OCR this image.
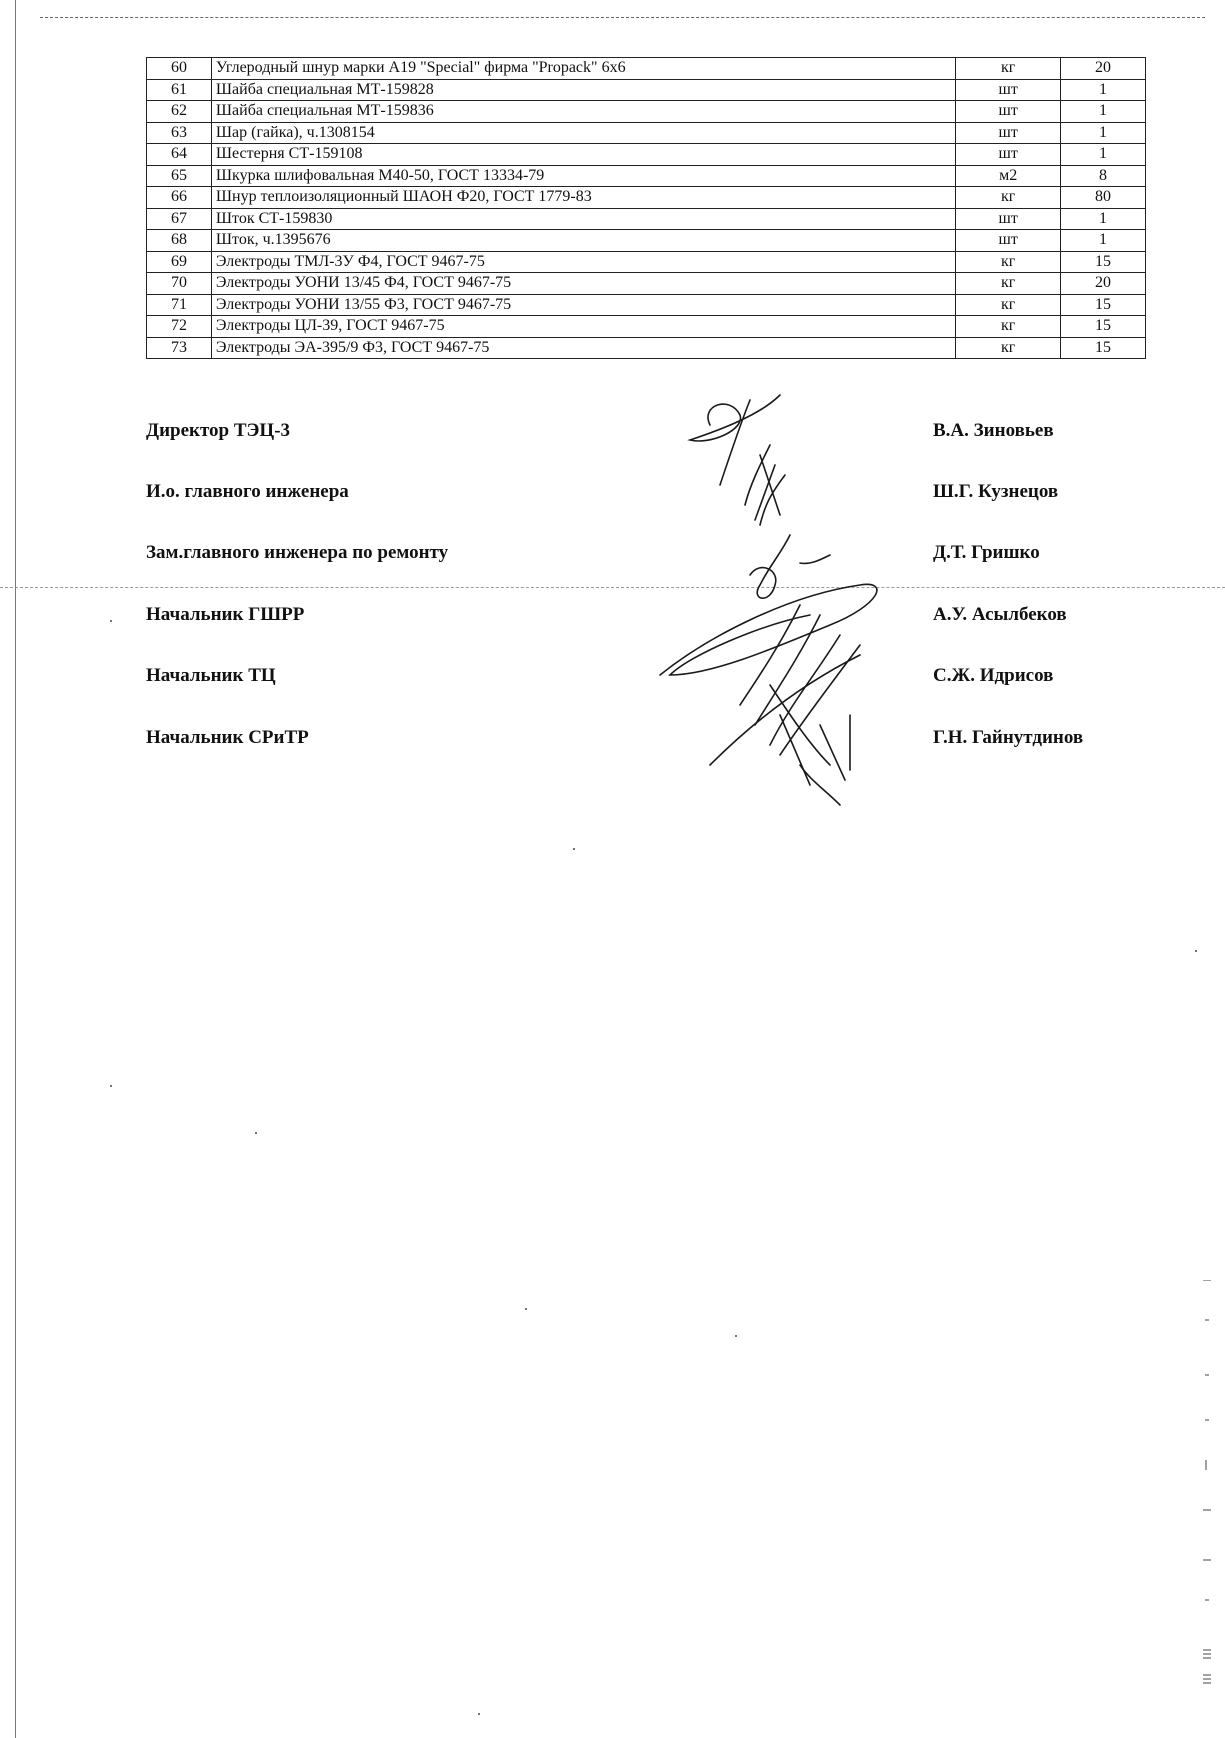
60	Углеродный шнур марки А19 "Special" фирма "Propack" 6х6	кг	20
61	Шайба специальная МТ-159828	шт	1
62	Шайба специальная МТ-159836	шт	1
63	Шар (гайка), ч.1308154	шт	1
64	Шестерня СТ-159108	шт	1
65	Шкурка шлифовальная М40-50, ГОСТ 13334-79	м2	8
66	Шнур теплоизоляционный ШАОН Ф20, ГОСТ 1779-83	кг	80
67	Шток СТ-159830	шт	1
68	Шток, ч.1395676	шт	1
69	Электроды ТМЛ-3У Ф4, ГОСТ 9467-75	кг	15
70	Электроды УОНИ 13/45 Ф4, ГОСТ 9467-75	кг	20
71	Электроды УОНИ 13/55 Ф3, ГОСТ 9467-75	кг	15
72	Электроды ЦЛ-39, ГОСТ 9467-75	кг	15
73	Электроды ЭА-395/9 Ф3, ГОСТ 9467-75	кг	15
Директор ТЭЦ-3	В.А. Зиновьев
И.о. главного инженера	Ш.Г. Кузнецов
Зам.главного инженера по ремонту	Д.Т. Гришко
Начальник ГШРР	А.У. Асылбеков
Начальник ТЦ	С.Ж. Идрисов
Начальник СРиТР	Г.Н. Гайнутдинов
